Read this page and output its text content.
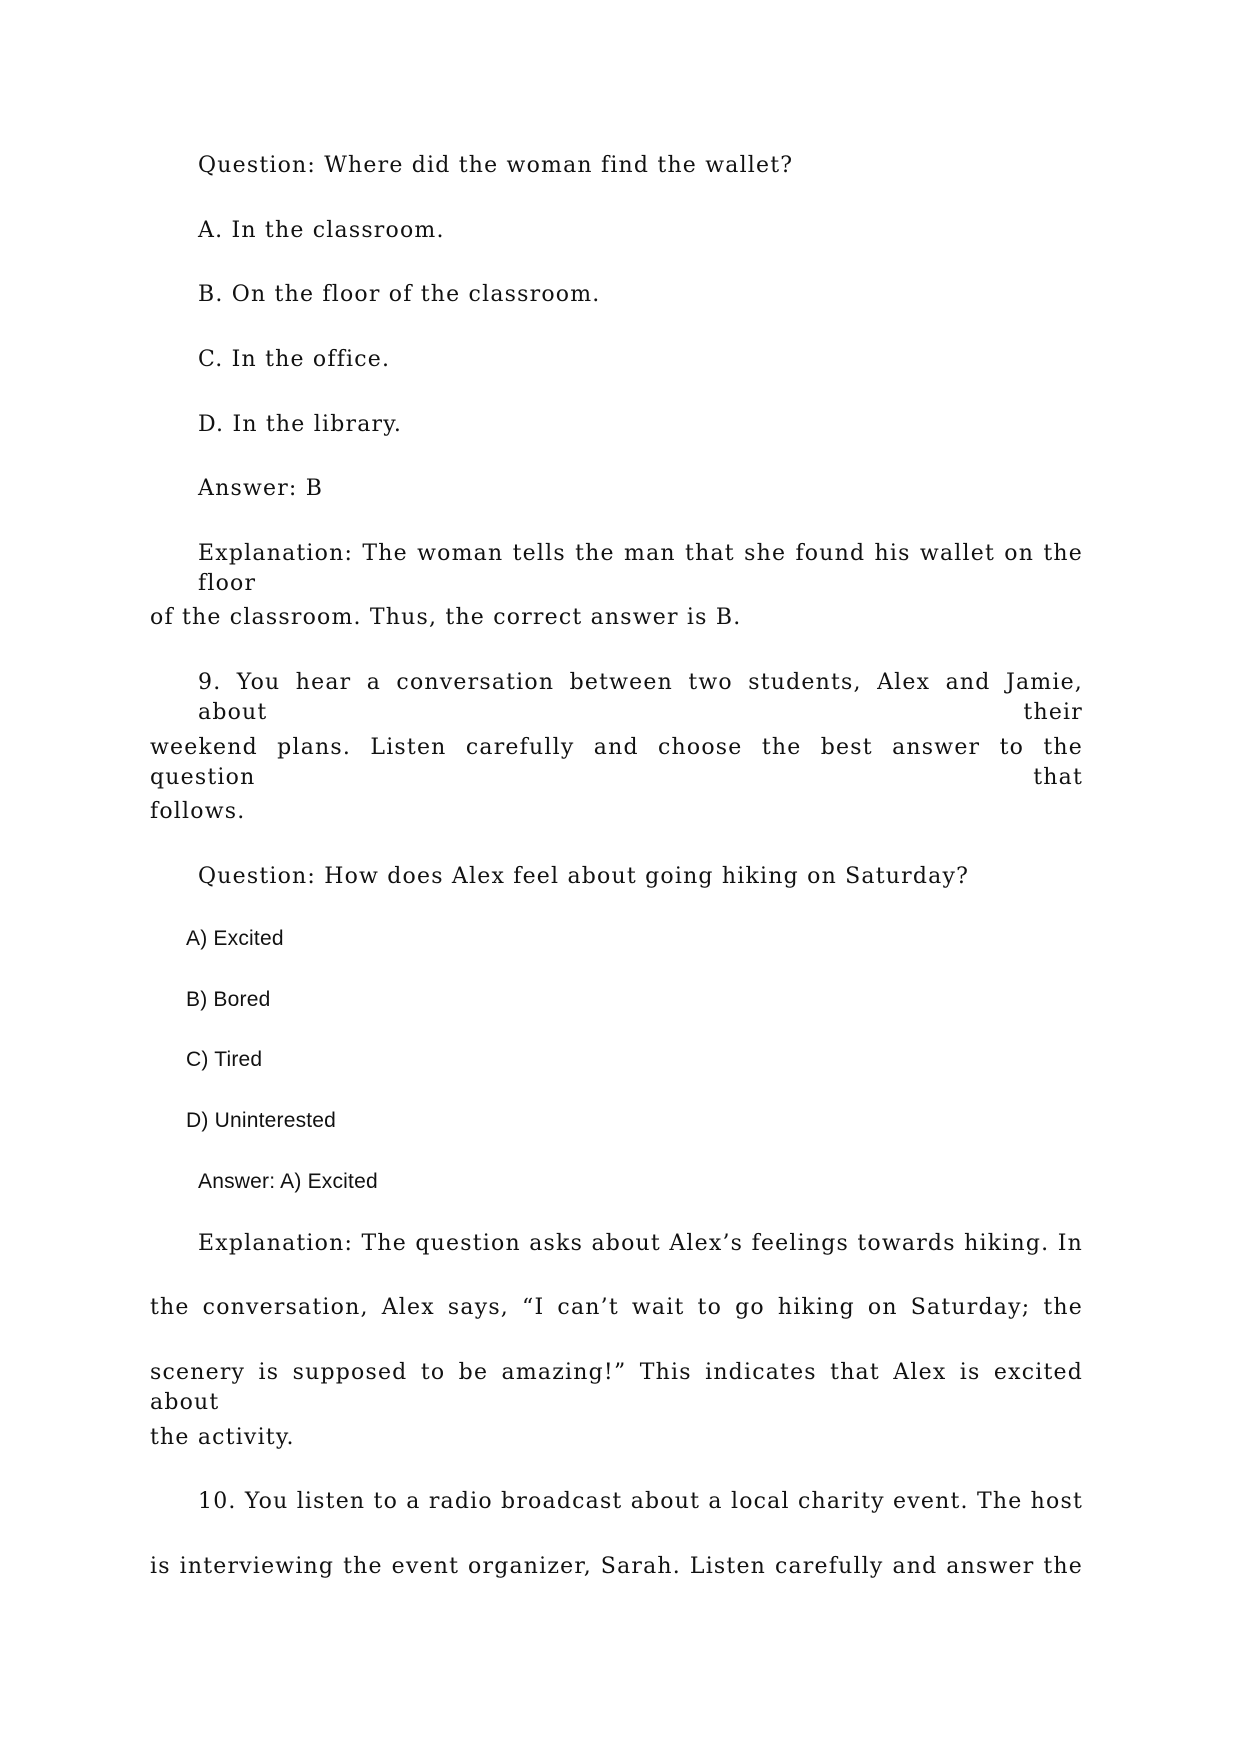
Question: Where did the woman find the wallet?
A. In the classroom.
B. On the floor of the classroom.
C. In the office.
D. In the library.
Answer: B
Explanation: The woman tells the man that she found his wallet on the floor
of the classroom. Thus, the correct answer is B.
9. You hear a conversation between two students, Alex and Jamie, about their
weekend plans. Listen carefully and choose the best answer to the question that
follows.
Question: How does Alex feel about going hiking on Saturday?
A) Excited
B) Bored
C) Tired
D) Uninterested
Answer: A) Excited
Explanation: The question asks about Alex’s feelings towards hiking. In
the conversation, Alex says, “I can’t wait to go hiking on Saturday; the
scenery is supposed to be amazing!” This indicates that Alex is excited about
the activity.
10. You listen to a radio broadcast about a local charity event. The host
is interviewing the event organizer, Sarah. Listen carefully and answer the
